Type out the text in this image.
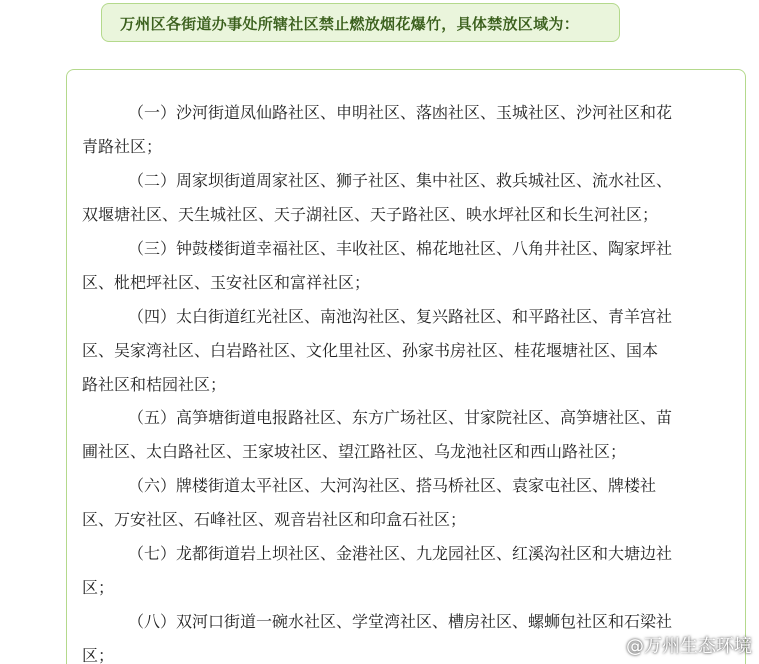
万州区各街道办事处所辖社区禁止燃放烟花爆竹，具体禁放区域为：
（一）沙河街道凤仙路社区、申明社区、落凼社区、玉城社区、沙河社区和花
青路社区；
（二）周家坝街道周家社区、狮子社区、集中社区、救兵城社区、流水社区、
双堰塘社区、天生城社区、天子湖社区、天子路社区、映水坪社区和长生河社区；
（三）钟鼓楼街道幸福社区、丰收社区、棉花地社区、八角井社区、陶家坪社
区、枇杷坪社区、玉安社区和富祥社区；
（四）太白街道红光社区、南池沟社区、复兴路社区、和平路社区、青羊宫社
区、吴家湾社区、白岩路社区、文化里社区、孙家书房社区、桂花堰塘社区、国本
路社区和桔园社区；
（五）高笋塘街道电报路社区、东方广场社区、甘家院社区、高笋塘社区、苗
圃社区、太白路社区、王家坡社区、望江路社区、乌龙池社区和西山路社区；
（六）牌楼街道太平社区、大河沟社区、搭马桥社区、袁家屯社区、牌楼社
区、万安社区、石峰社区、观音岩社区和印盒石社区；
（七）龙都街道岩上坝社区、金港社区、九龙园社区、红溪沟社区和大塘边社
区；
（八）双河口街道一碗水社区、学堂湾社区、槽房社区、螺蛳包社区和石梁社
区；	@万州生态环境
